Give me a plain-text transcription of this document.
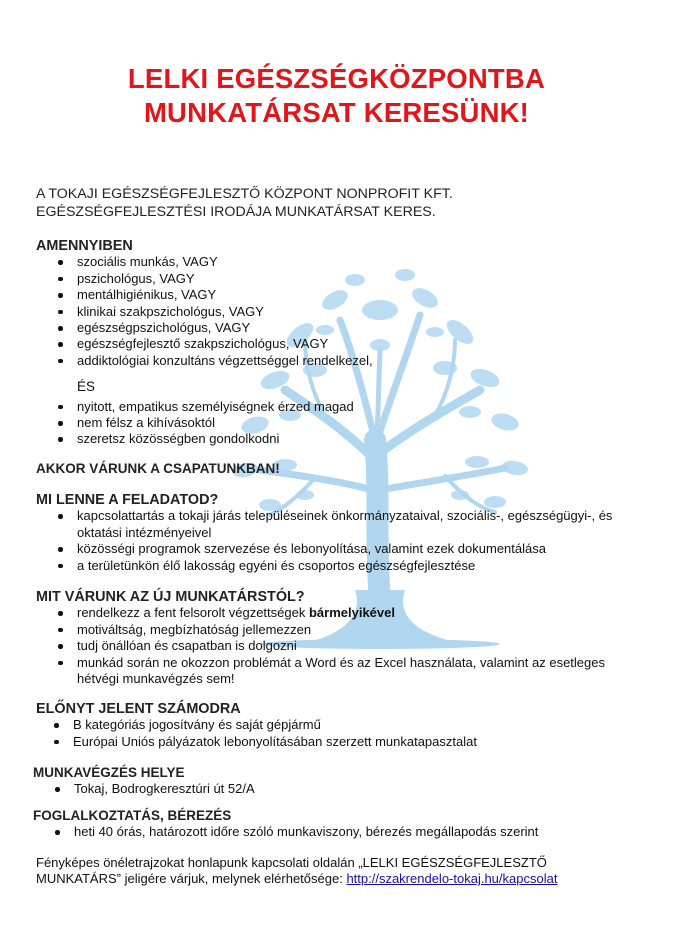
LELKI EGÉSZSÉGKÖZPONTBA
MUNKATÁRSAT KERESÜNK!
A TOKAJI EGÉSZSÉGFEJLESZTŐ KÖZPONT NONPROFIT KFT.
EGÉSZSÉGFEJLESZTÉSI IRODÁJA MUNKATÁRSAT KERES.
AMENNYIBEN
szociális munkás, VAGY
pszichológus, VAGY
mentálhigiénikus, VAGY
klinikai szakpszichológus, VAGY
egészségpszichológus, VAGY
egészségfejlesztő szakpszichológus, VAGY
addiktológiai konzultáns végzettséggel rendelkezel,
ÉS
nyitott, empatikus személyiségnek érzed magad
nem félsz a kihívásoktól
szeretsz közösségben gondolkodni
AKKOR VÁRUNK A CSAPATUNKBAN!
MI LENNE A FELADATOD?
kapcsolattartás a tokaji járás településeinek önkormányzataival, szociális-, egészségügyi-, és oktatási intézményeivel
közösségi programok szervezése és lebonyolítása, valamint ezek dokumentálása
a területünkön élő lakosság egyéni és csoportos egészségfejlesztése
MIT VÁRUNK AZ ÚJ MUNKATÁRSTÓL?
rendelkezz a fent felsorolt végzettségek bármelyikével
motiváltság, megbízhatóság jellemezzen
tudj önállóan és csapatban is dolgozni
munkád során ne okozzon problémát a Word és az Excel használata, valamint az esetleges hétvégi munkavégzés sem!
ELŐNYT JELENT SZÁMODRA
B kategóriás jogosítvány és saját gépjármű
Európai Uniós pályázatok lebonyolításában szerzett munkatapasztalat
MUNKAVÉGZÉS HELYE
Tokaj, Bodrogkeresztúri út 52/A
FOGLALKOZTATÁS, BÉREZÉS
heti 40 órás, határozott időre szóló munkaviszony, bérezés megállapodás szerint
Fényképes önéletrajzokat honlapunk kapcsolati oldalán „LELKI EGÉSZSÉGFEJLESZTŐ
MUNKATÁRS” jeligére várjuk, melynek elérhetősége: http://szakrendelo-tokaj.hu/kapcsolat
